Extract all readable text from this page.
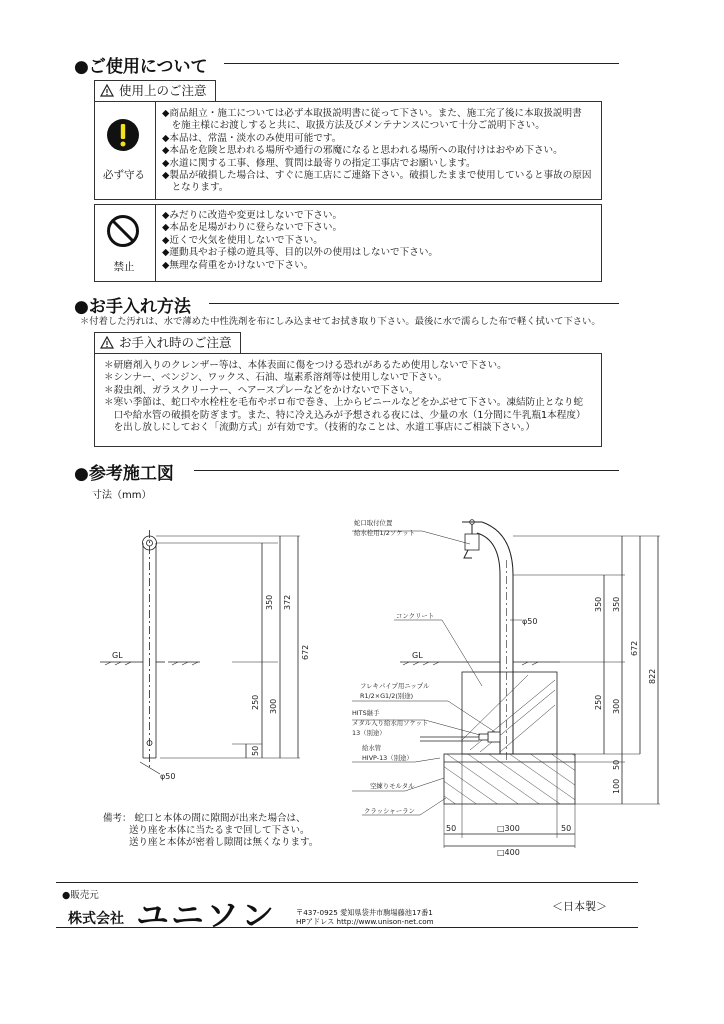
●ご使用について
使用上のご注意
必ず守る
◆商品組立・施工については必ず本取扱説明書に従って下さい。また、施工完了後に本取扱説明書
　を施主様にお渡しすると共に、取扱方法及びメンテナンスについて十分ご説明下さい。
◆本品は、常温・淡水のみ使用可能です。
◆本品を危険と思われる場所や通行の邪魔になると思われる場所への取付けはおやめ下さい。
◆水道に関する工事、修理、質問は最寄りの指定工事店でお願いします。
◆製品が破損した場合は、すぐに施工店にご連絡下さい。破損したままで使用していると事故の原因
　となります。
禁止
◆みだりに改造や変更はしないで下さい。
◆本品を足場がわりに登らないで下さい。
◆近くで火気を使用しないで下さい。
◆運動具やお子様の遊具等、目的以外の使用はしないで下さい。
◆無理な荷重をかけないで下さい。
●お手入れ方法
＊付着した汚れは、水で薄めた中性洗剤を布にしみ込ませてお拭き取り下さい。最後に水で濡らした布で軽く拭いて下さい。
お手入れ時のご注意
＊研磨剤入りのクレンザー等は、本体表面に傷をつける恐れがあるため使用しないで下さい。
＊シンナー、ベンジン、ワックス、石油、塩素系溶剤等は使用しないで下さい。
＊殺虫剤、ガラスクリーナー、ヘアースプレーなどをかけないで下さい。
＊寒い季節は、蛇口や水栓柱を毛布やボロ布で巻き、上からビニールなどをかぶせて下さい。凍結防止となり蛇
　口や給水管の破損を防ぎます。また、特に冷え込みが予想される夜には、少量の水（1分間に牛乳瓶1本程度）
　を出し放しにしておく「流動方式」が有効です。（技術的なことは、水道工事店にご相談下さい。）
●参考施工図
寸法（mm）
350 372
672
250 300
50
GL
φ50
蛇口取付位置
給水栓用1/2ソケット
コンクリート
GL
フレキパイプ用ニップル
R1/2×G1/2(別途)
HITS継手
メタル入り給水用ソケット
13（別途）
給水管
HIVP-13（別途）
空練りモルタル
クラッシャーラン
φ50
350 350
672
822
250 300
50
100
50	□300	50
□400
備考： 蛇口と本体の間に隙間が出来た場合は、
送り座を本体に当たるまで回して下さい。
送り座と本体が密着し隙間は無くなります。
●販売元
株式会社 ユニソン	〒437-0925 愛知県袋井市駒場藤池17番1
HPアドレス http://www.unison-net.com
＜日本製＞
